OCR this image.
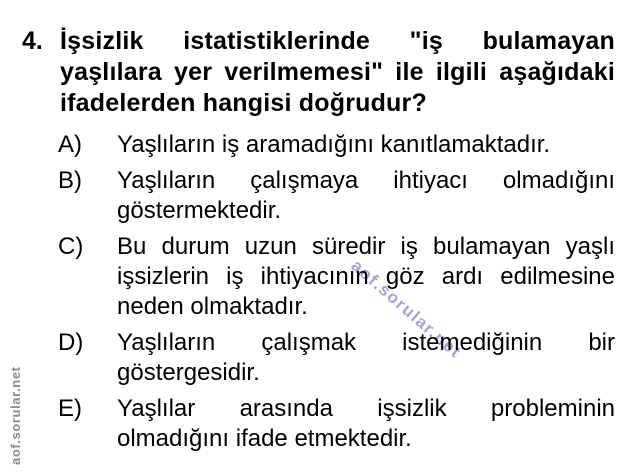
aof.sorular.net
aof.sorular.net
4. İşsizlik istatistiklerinde "iş bulamayan
yaşlılara yer verilmemesi" ile ilgili aşağıdaki
ifadelerden hangisi doğrudur?
A)	Yaşlıların iş aramadığını kanıtlamaktadır.
B)	Yaşlıların çalışmaya ihtiyacı olmadığını
göstermektedir.
C)	Bu durum uzun süredir iş bulamayan yaşlı
işsizlerin iş ihtiyacının göz ardı edilmesine
neden olmaktadır.
D)	Yaşlıların çalışmak istemediğinin bir
göstergesidir.
E)	Yaşlılar arasında işsizlik probleminin
olmadığını ifade etmektedir.
